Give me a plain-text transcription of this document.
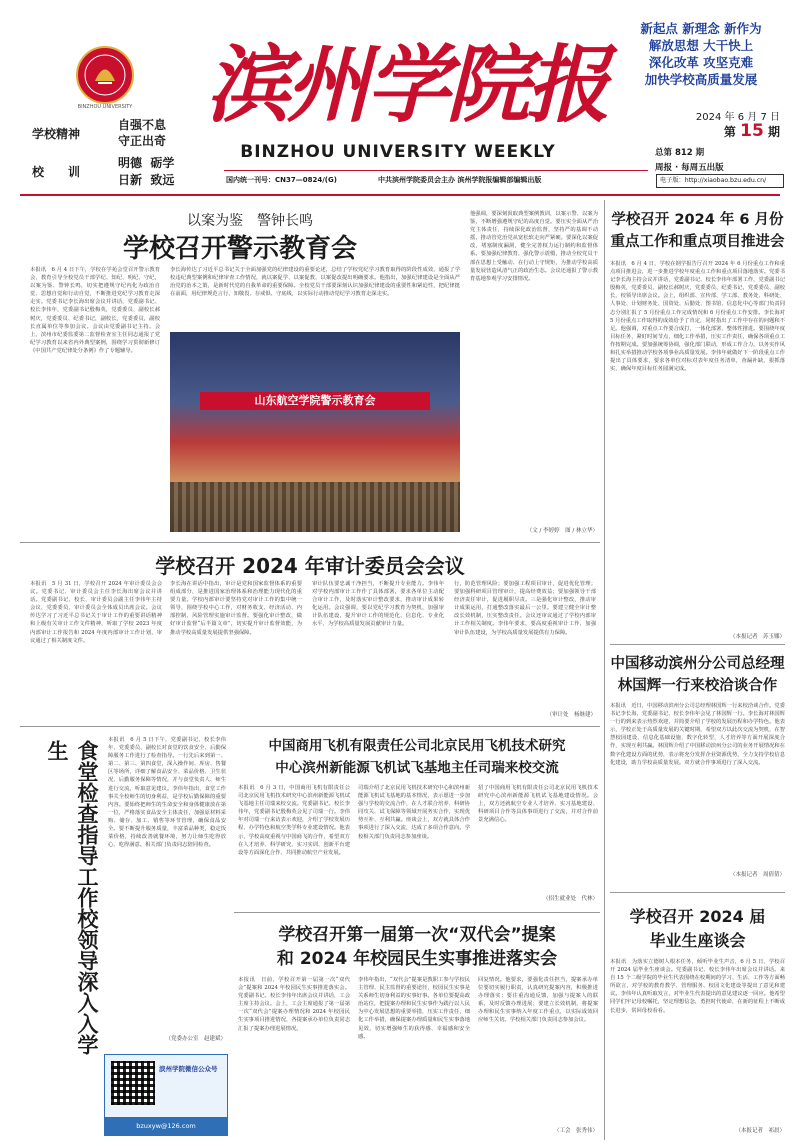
BINZHOU UNIVERSITY
学校精神
自强不息
守正出奇
校　　训
明德  砺学
日新  致远
滨州学院报
BINZHOU UNIVERSITY WEEKLY
新起点 新理念 新作为
解放思想 大干快上
深化改革 攻坚克难
加快学校高质量发展
2024 年 6 月 7 日
第 15 期
总第 812 期
周报 · 每周五出版
国内统一刊号：CN37—0824/(G)	中共滨州学院委员会主办 滨州学院报编辑部编辑出版	电子版：http://xiaobao.bzu.edu.cn/
以案为鉴　警钟长鸣
学校召开警示教育会
本报讯　6 月 4 日下午，学校在学苑会堂召开警示教育会，教育引导全校党员干部学纪、知纪、明纪、守纪，以案为鉴、警钟长鸣，切实把遵规守纪内化为政治自觉、思想自觉和行动自觉，不断推进党纪学习教育走深走实。党委书记李长海出席会议并讲话，党委副书记、校长李伟年，党委副书记殷梅英，党委委员、副校长郝树庆，党委委员、纪委书记，副校长，党委委员，副校长直属单位等参加会议。会议由党委副书记主持。会上，滨州市纪委监委第二监督检查室主任同志通报了党纪学习教育以来省内外典型案例，围绕学习贯彻新修订《中国共产党纪律处分条例》作了专题辅导。
李长海传达了习近平总书记关于全面加强党的纪律建设的重要论述，总结了学校党纪学习教育取得的阶段性成效，通报了学校违纪典型案例和纪律审查工作情况，就以案促学、以案促教、以案促改提出明确要求。他指出，加强纪律建设是全面从严治党的治本之策，是新时代党的自我革命的重要保障。全校党员干部要深刻认识加强纪律建设的重要性和紧迫性，把纪律挺在前面，用纪律规范言行，知敬畏、存戒惧、守底线，以实际行动推动党纪学习教育走深走实。
山东航空学院警示教育会
他强调，要深刻汲取典型案例教训，以案示警、以案为鉴，不断增强遵规守纪的高度自觉。要压实全面从严治党主体责任，持续深化政治监督，坚持严的基调不动摇，推动管党治党从宽松软走向严紧硬。要深化以案促改，堵塞制度漏洞，健全完善权力运行制约和监督体系。要加强纪律教育，强化警示震慑，推动全校党员干部在思想上受触动、在行动上守规矩，为推动学校高质量发展营造风清气正的政治生态。会议还通报了警示教育基地参观学习安排情况。
（文 / 李婷婷　图 / 林立华）
学校召开 2024 年 6 月份
重点工作和重点项目推进会
本报讯　6 月 4 日，学校在钢学报告厅召开 2024 年 6 月份重点工作和重点项目推进会，进一步推进学校年度重点工作和重点项目落地落实。党委书记李长海主持会议并讲话，党委副书记、校长李伟年部署工作，党委副书记殷梅英，党委委员、副校长郝树庆，党委委员、纪委书记，党委委员、副校长，校领导出席会议。会上，组织部、宣传部、学工部、教务处、科研处、人事处、计划财务处、国资处、后勤处、图书馆、信息化中心等部门负责同志分别汇报了 5 月份重点工作完成情况和 6 月份重点工作安排。李长海对 5 月份重点工作取得的成效给予了肯定，同时指出了工作中存在的问题和不足。他强调，对重点工作要合成打，一体化部署、整体性推进。要围绕年度目标任务，紧盯时间节点，细化工作举措，压实工作责任，确保各项重点工作按期完成。要加强统筹协调，强化部门联动，形成工作合力，以务实作风和扎实举措推动学校各项事业高质量发展。李伟年就做好下一阶段重点工作提出了具体要求，要求各单位对标对表年度任务清单，查漏补缺，狠抓落实，确保年度目标任务圆满完成。
（本报记者　苏玉娜）
学校召开 2024 年审计委员会会议
本报讯　5 月 31 日，学校召开 2024 年审计委员会会议。党委书记、审计委员会主任李长海出席会议并讲话。党委副书记、校长、审计委员会副主任李伟年主持会议，党委委员、审计委员会全体成员出席会议。会议传达学习了习近平总书记关于审计工作的重要讲话精神和上级有关审计工作文件精神，听取了学校 2023 年度内部审计工作报告和 2024 年度内部审计工作计划，审议通过了相关制度文件。
李长海在讲话中指出，审计是党和国家监督体系的重要组成部分，是推进国家治理体系和治理能力现代化的重要力量。学校内部审计要坚持党对审计工作的集中统一领导，围绕学校中心工作，对财务收支、经济活动、内部控制、风险管理实施审计监督。要强化审计整改，做好审计监督“后半篇文章”，切实提升审计监督效能，为推动学校高质量发展提供坚强保障。
审计队伍要忠诚干净担当，不断提升专业能力。李伟年对学校内部审计工作作了具体部署，要求各单位主动配合审计工作，及时落实审计整改要求，推动审计成果转化运用。会议强调，要以党纪学习教育为契机，加强审计队伍建设，提升审计工作的规范化、信息化、专业化水平，为学校高质量发展贡献审计力量。
行，防范管理风险；要加强工程项目审计，促进优化管理；要加强科研项目管理审计，提高经费效益；要加强领导干部经济责任审计，促进履职尽责。三是强化审计整改，推动审计成果运用，打通整改落实最后一公里。要建立健全审计整改长效机制，压实整改责任。会议还审议通过了学校内部审计工作相关制度。李伟年要求，要高度重视审计工作，加强审计队伍建设，为学校高质量发展提供有力保障。
（审计处　杨继建）
食堂检查指导工作校领导深入入学生	本报讯　6 月 5 日下午，党委副书记、校长李伟年，党委委员、副校长对食堂的饮食安全、后勤保障服务工作进行了检查指导。一行先后来到第一、第二、第三、第四食堂，深入操作间、库房、售餐区等场所，详细了解食品安全、菜品价格、卫生状况、后勤服务保障等情况，并与食堂负责人、师生进行交流，听取意见建议。李伟年指出，食堂工作事关全校师生的切身利益，是学校后勤保障的重要内容。要始终把师生的生命安全和身体健康放在第一位，严格落实食品安全主体责任，加强原材料采购、储存、加工、销售等环节管理，确保食品安全。要不断提升服务质量，丰富菜品种类，稳定饭菜价格，持续改善就餐环境，努力让师生吃得放心、吃得满意。相关部门负责同志陪同检查。
（党委办公室　赵建斌）
滨州学院微信公众号
bzuxyw@126.com
中国商用飞机有限责任公司北京民用飞机技术研究
中心滨州新能源飞机试飞基地主任司瑞来校交流
本报讯　6 月 3 日，中国商用飞机有限责任公司北京民用飞机技术研究中心滨州新能源飞机试飞基地主任司瑞来校交流。党委副书记、校长李伟年，党委副书记殷梅英会见了司瑞一行。李伟年对司瑞一行来访表示欢迎，介绍了学校发展历程、办学特色和航空类学科专业建设情况。他表示，学校高度重视与中国商飞的合作，希望双方在人才培养、科学研究、实习实训、创新平台建设等方面深化合作，共同推动航空产业发展。
司瑞介绍了北京民用飞机技术研究中心和滨州新能源飞机试飞基地的基本情况，表示愿进一步加强与学校的交流合作，在人才联合培养、科研协同攻关、试飞保障等领域开展务实合作，实现优势互补、互利共赢。座谈会上，双方就具体合作事项进行了深入交流，达成了多项合作意向。学校相关部门负责同志参加座谈。
招了中国商用飞机有限责任公司北京民用飞机技术研究中心滨州新能源飞机试飞基地建设情况。会上，双方还就航空专业人才培养、实习基地建设、科研项目合作等具体事项进行了交流，并对合作前景充满信心。
（招生就业处　代林）
学校召开第一届第一次“双代会”提案
和 2024 年校园民生实事推进落实会
本报讯　日前，学校召开第一届第一次“双代会”提案和 2024 年校园民生实事推进落实会。党委副书记、校长李伟年出席会议并讲话，工会主席主持会议。会上，工会主席通报了第一届第一次“双代会”提案办理情况和 2024 年校园民生实事项目推进情况，各提案承办单位负责同志汇报了提案办理进展情况。
李伟年指出，“双代会”提案是教职工参与学校民主管理、民主监督的重要途径，校园民生实事是关系师生切身利益的实事好事。各单位要提高政治站位，把提案办理和民生实事作为践行以人民为中心发展思想的重要举措，压实工作责任，细化工作举措，确保提案办理质量和民生实事落地见效，切实增强师生的获得感、幸福感和安全感。
回复情况。他要求，要强化责任担当，提案承办单位要切实履行职责，认真研究提案内容，积极推进办理落实；要注重沟通反馈，加强与提案人的联系，及时反馈办理进展；要建立长效机制，将提案办理和民生实事纳入年度工作重点，以实际成效回应师生关切。学校相关部门负责同志参加会议。
（工会　张秀伟）
中国移动滨州分公司总经理
林国辉一行来校洽谈合作
本报讯　近日，中国移动滨州分公司总经理林国辉一行来校洽谈合作。党委书记李长海，党委副书记、校长李伟年会见了林国辉一行。李长海对林国辉一行的到来表示热烈欢迎，并简要介绍了学校的发展历程和办学特色。他表示，学校正处于高质量发展的关键时期，希望双方以此次交流为契机，在智慧校园建设、信息化基础设施、数字化转型、人才培养等方面开展深度合作，实现互利共赢。林国辉介绍了中国移动滨州分公司的业务开展情况和在数字化建设方面的优势，表示将充分发挥企业资源优势，全力支持学校信息化建设，助力学校高质量发展。双方就合作事项进行了深入交流。
（本报记者　周倩倩）
学校召开 2024 届
毕业生座谈会
本报讯　为落实立德树人根本任务，倾听毕业生声音，6 月 5 日，学校召开 2024 届毕业生座谈会。党委副书记、校长李伟年出席会议并讲话。来自 15 个二级学院的毕业生代表围绕在校期间的学习、生活、工作等方面畅所欲言，对学校的教育教学、管理服务、校园文化建设等提出了意见和建议。李伟年认真听取发言，对毕业生代表提出的意见建议逐一回应。他希望同学们牢记母校嘱托，坚定理想信念，勇担时代使命，在新的征程上不断成长进步，常回母校看看。
（本报记者　祁晨）
